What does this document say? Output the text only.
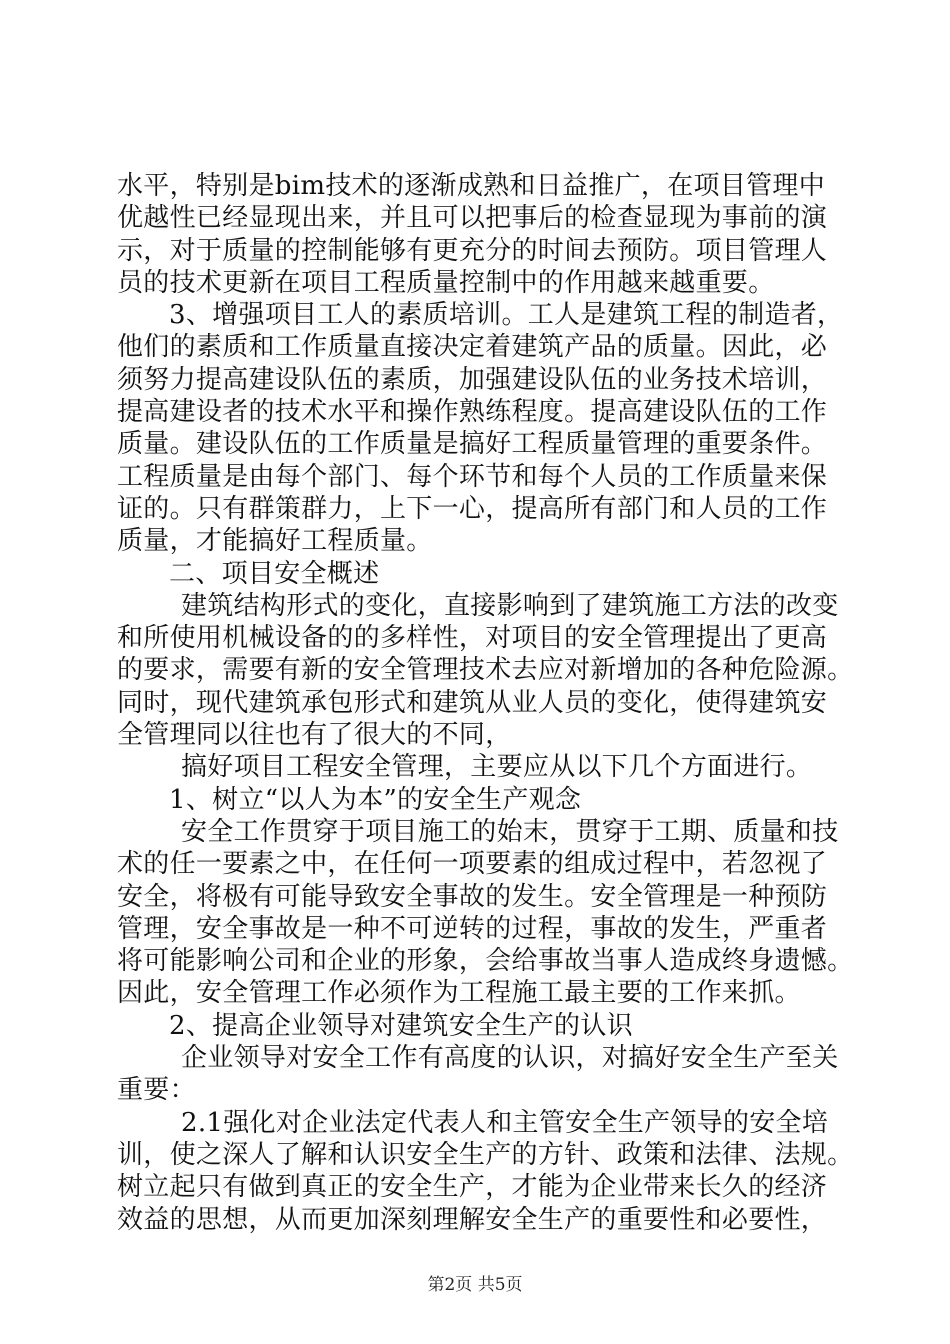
水平，特别是bim技术的逐渐成熟和日益推广，在项目管理中
优越性已经显现出来，并且可以把事后的检查显现为事前的演
示，对于质量的控制能够有更充分的时间去预防。项目管理人
员的技术更新在项目工程质量控制中的作用越来越重要。
3、增强项目工人的素质培训。工人是建筑工程的制造者，
他们的素质和工作质量直接决定着建筑产品的质量。因此，必
须努力提高建设队伍的素质，加强建设队伍的业务技术培训，
提高建设者的技术水平和操作熟练程度。提高建设队伍的工作
质量。建设队伍的工作质量是搞好工程质量管理的重要条件。
工程质量是由每个部门、每个环节和每个人员的工作质量来保
证的。只有群策群力，上下一心，提高所有部门和人员的工作
质量，才能搞好工程质量。
二、项目安全概述
建筑结构形式的变化，直接影响到了建筑施工方法的改变
和所使用机械设备的的多样性，对项目的安全管理提出了更高
的要求，需要有新的安全管理技术去应对新增加的各种危险源。
同时，现代建筑承包形式和建筑从业人员的变化，使得建筑安
全管理同以往也有了很大的不同，
搞好项目工程安全管理，主要应从以下几个方面进行。
1、树立“以人为本”的安全生产观念
安全工作贯穿于项目施工的始末，贯穿于工期、质量和技
术的任一要素之中，在任何一项要素的组成过程中，若忽视了
安全，将极有可能导致安全事故的发生。安全管理是一种预防
管理，安全事故是一种不可逆转的过程，事故的发生，严重者
将可能影响公司和企业的形象，会给事故当事人造成终身遗憾。
因此，安全管理工作必须作为工程施工最主要的工作来抓。
2、提高企业领导对建筑安全生产的认识
企业领导对安全工作有高度的认识，对搞好安全生产至关
重要：
2.1强化对企业法定代表人和主管安全生产领导的安全培
训，使之深人了解和认识安全生产的方针、政策和法律、法规。
树立起只有做到真正的安全生产，才能为企业带来长久的经济
效益的思想，从而更加深刻理解安全生产的重要性和必要性，
第2页 共5页
